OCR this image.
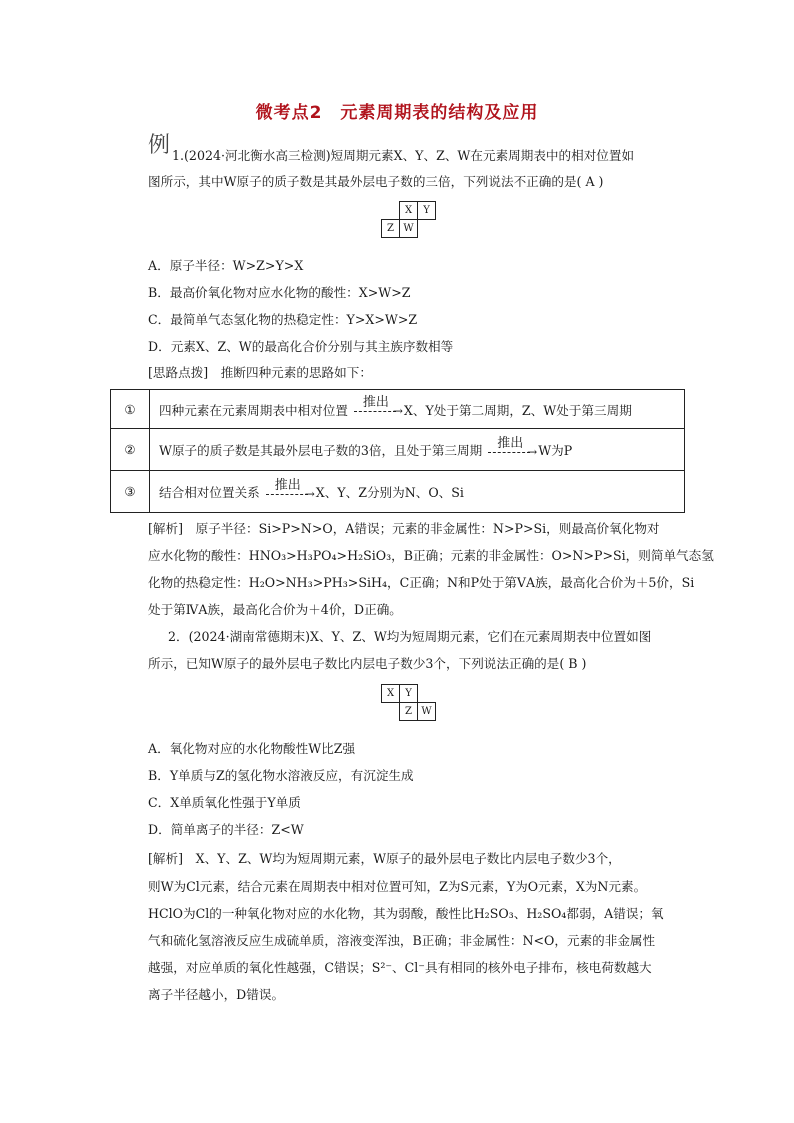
微考点2　元素周期表的结构及应用
例 1.(2024·河北衡水高三检测)短周期元素X、Y、Z、W在元素周期表中的相对位置如
图所示，其中W原子的质子数是其最外层电子数的三倍，下列说法不正确的是( A )
	X	Y
Z	W	
A．原子半径：W>Z>Y>X
B．最高价氧化物对应水化物的酸性：X>W>Z
C．最简单气态氢化物的热稳定性：Y>X>W>Z
D．元素X、Z、W的最高化合价分别与其主族序数相等
[思路点拨]　推断四种元素的思路如下：
①	四种元素在元素周期表中相对位置 推出
→ X、Y处于第二周期，Z、W处于第三周期
②	W原子的质子数是其最外层电子数的3倍，且处于第三周期 推出
→ W为P
③	结合相对位置关系 推出
→ X、Y、Z分别为N、O、Si
[解析]　原子半径：Si>P>N>O，A错误；元素的非金属性：N>P>Si，则最高价氧化物对
应水化物的酸性：HNO₃>H₃PO₄>H₂SiO₃，B正确；元素的非金属性：O>N>P>Si，则简单气态氢
化物的热稳定性：H₂O>NH₃>PH₃>SiH₄，C正确；N和P处于第ⅤA族，最高化合价为＋5价，Si
处于第ⅣA族，最高化合价为＋4价，D正确。
2．(2024·湖南常德期末)X、Y、Z、W均为短周期元素，它们在元素周期表中位置如图
所示，已知W原子的最外层电子数比内层电子数少3个，下列说法正确的是( B )
X	Y	
	Z	W
A．氧化物对应的水化物酸性W比Z强
B．Y单质与Z的氢化物水溶液反应，有沉淀生成
C．X单质氧化性强于Y单质
D．简单离子的半径：Z<W
[解析]　X、Y、Z、W均为短周期元素，W原子的最外层电子数比内层电子数少3个，
则W为Cl元素，结合元素在周期表中相对位置可知，Z为S元素，Y为O元素，X为N元素。
HClO为Cl的一种氧化物对应的水化物，其为弱酸，酸性比H₂SO₃、H₂SO₄都弱，A错误；氧
气和硫化氢溶液反应生成硫单质，溶液变浑浊，B正确；非金属性：N<O，元素的非金属性
越强，对应单质的氧化性越强，C错误；S²⁻、Cl⁻具有相同的核外电子排布，核电荷数越大
离子半径越小，D错误。
